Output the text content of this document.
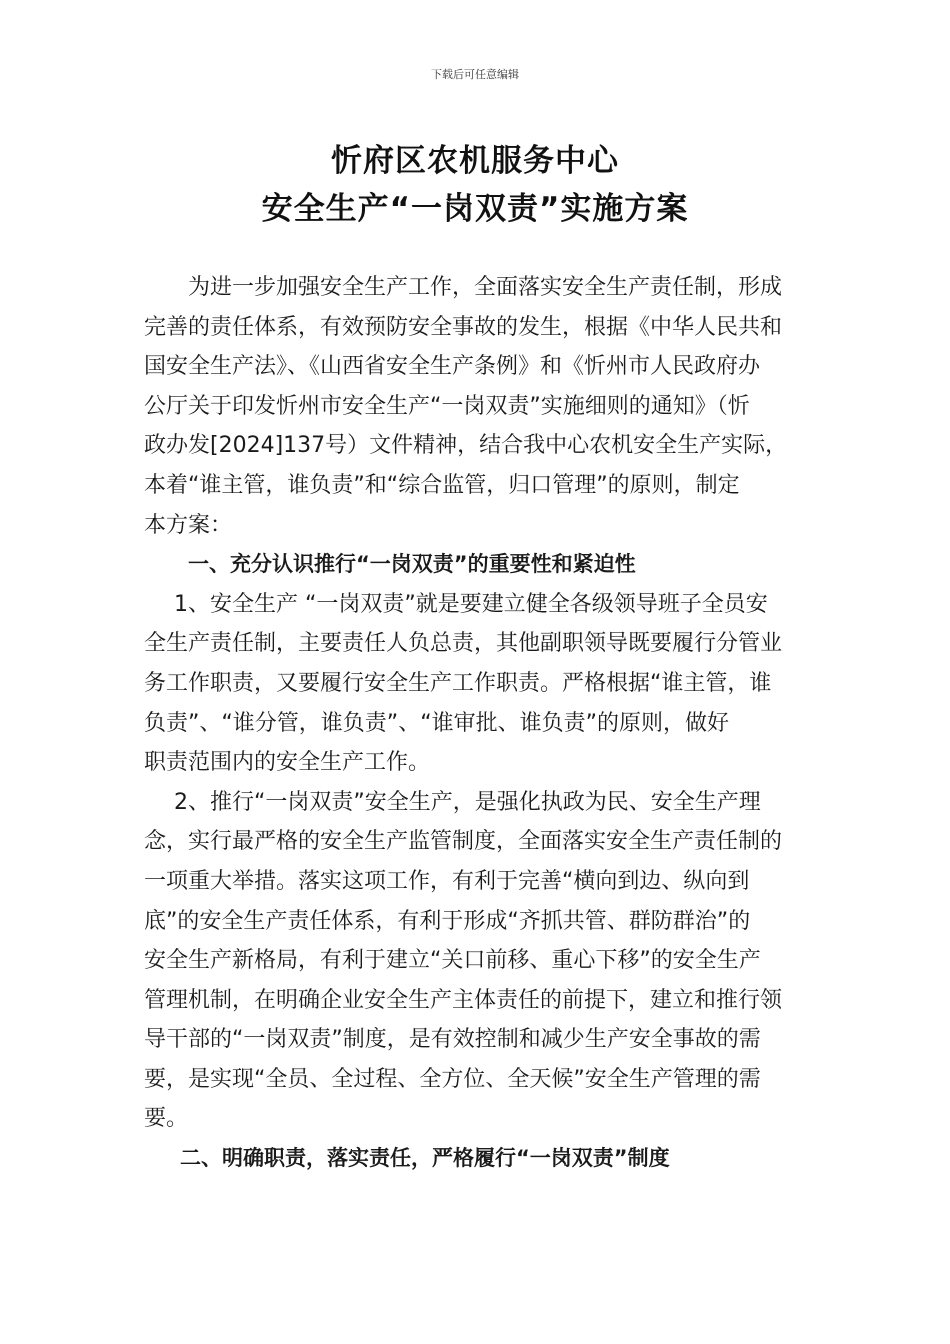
下载后可任意编辑
忻府区农机服务中心
安全生产“一岗双责”实施方案
为进一步加强安全生产工作，全面落实安全生产责任制，形成
完善的责任体系，有效预防安全事故的发生，根据《中华人民共和
国安全生产法》、《山西省安全生产条例》和《忻州市人民政府办
公厅关于印发忻州市安全生产“一岗双责”实施细则的通知》（忻
政办发[2024]137号）文件精神，结合我中心农机安全生产实际，
本着“谁主管，谁负责”和“综合监管，归口管理”的原则，制定
本方案：
一、充分认识推行“一岗双责”的重要性和紧迫性
1、安全生产 “一岗双责”就是要建立健全各级领导班子全员安
全生产责任制，主要责任人负总责，其他副职领导既要履行分管业
务工作职责，又要履行安全生产工作职责。严格根据“谁主管，谁
负责”、“谁分管，谁负责”、“谁审批、谁负责”的原则，做好
职责范围内的安全生产工作。
2、推行“一岗双责”安全生产，是强化执政为民、安全生产理
念，实行最严格的安全生产监管制度，全面落实安全生产责任制的
一项重大举措。落实这项工作，有利于完善“横向到边、纵向到
底”的安全生产责任体系，有利于形成“齐抓共管、群防群治”的
安全生产新格局，有利于建立“关口前移、重心下移”的安全生产
管理机制，在明确企业安全生产主体责任的前提下，建立和推行领
导干部的“一岗双责”制度，是有效控制和减少生产安全事故的需
要，是实现“全员、全过程、全方位、全天候”安全生产管理的需
要。
二、明确职责，落实责任，严格履行“一岗双责”制度
